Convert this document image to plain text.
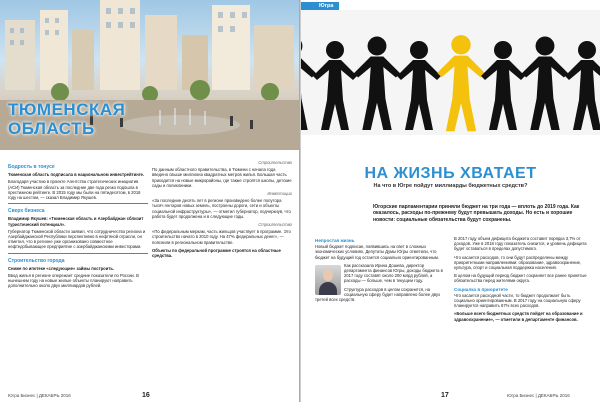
ТЮМЕНСКАЯ ОБЛАСТЬ
Бодрость в тонусе
Тюменская область подписала в национальном инвестрейтинге.
Благодаря участию в проекте Агентства стратегических инициатив (АСИ) Тюменская область за последние две года резко подошла в престижном рейтинге. В 2015 году мы были на пятидесятом, в 2016 году на шестом, — сказал Владимир Якушев.
Сверх бизнеса
Владимир Якушев: «Тюменская область и Азербайджан сблизит туристический потенциал».
Губернатор Тюменской области заявил, что сотрудничество региона и Азербайджанской Республики перспективно в нефтяной отрасли, он отметил, что в регионе уже организовано совместное нефтедобывающее предприятие с азербайджанскими инвесторами.
Строительство города
Сниже по ипотеке «следующие» займы построить.
Ввод жилья в регионе опережает средние показатели по России. В нынешнем году на новые жилые объекты планируют направить дополнительно около двух миллиардов рублей.
Строительство
По данным областного правительства, в Тюмени с начала года введено свыше миллиона квадратных метров жилья. Большая часть приходится на новые микрорайоны, где также строятся школы, детские сады и поликлиники.
Инвестиции
«За последние десять лет в регионе произведено более полутора тысяч гектаров новых земель, построены дороги, сети и объекты социальной инфраструктуры», — отметил губернатор, подчеркнув, что работа будет продолжена и в следующие годы.
Строительство
«По федеральным меркам, часть жильцов участвует в программе. Это строительство начато в 2010 году. На 47% федеральных денег», — пояснили в региональном правительстве.
Объекты по федеральной программе строятся на областные средства.
Югра Бизнес | ДЕКАБРЬ 2016	16
Югра
НА ЖИЗНЬ ХВАТАЕТ
На что в Югре пойдут миллиарды бюджетных средств?
Югорские парламентарии приняли бюджет на три года — вплоть до 2019 года. Как оказалось, расходы по-прежнему будут превышать доходы. Но есть и хорошие новости: социальные обязательства будут сохранены.
Непростая жизнь
Новый бюджет подписан, появившись на свет в сложных экономических условиях. Депутаты Думы Югры отметили, что бюджет на будущий год остается социально ориентированным.
Как рассказала Ирина Дошева, директор департамента финансов Югры, доходы бюджета в 2017 году составят около 200 млрд рублей, а расходы — больше, чем в текущем году.
Структура расходов в целом сохранится, на социальную сферу будет направлено более двух третей всех средств.
В 2017 году объем дефицита бюджета составит порядка 3,7% от доходов. Уже в 2018 году показатель снизится, и уровень дефицита будет оставаться в пределах допустимого.
Что касается расходов, то они будут распределены между приоритетными направлениями: образование, здравоохранение, культура, спорт и социальная поддержка населения.
В целом на будущий период бюджет сохраняет все ранее принятые обязательства перед жителями округа.
Социалка в приоритете
Что касается расходной части, то бюджет продолжает быть социально ориентированным. В 2017 году на социальную сферу планируется направить 67% всех расходов.
«Больше всего бюджетных средств пойдет на образование и здравоохранение», — отметили в департаменте финансов.
17	Югра Бизнес | ДЕКАБРЬ 2016
